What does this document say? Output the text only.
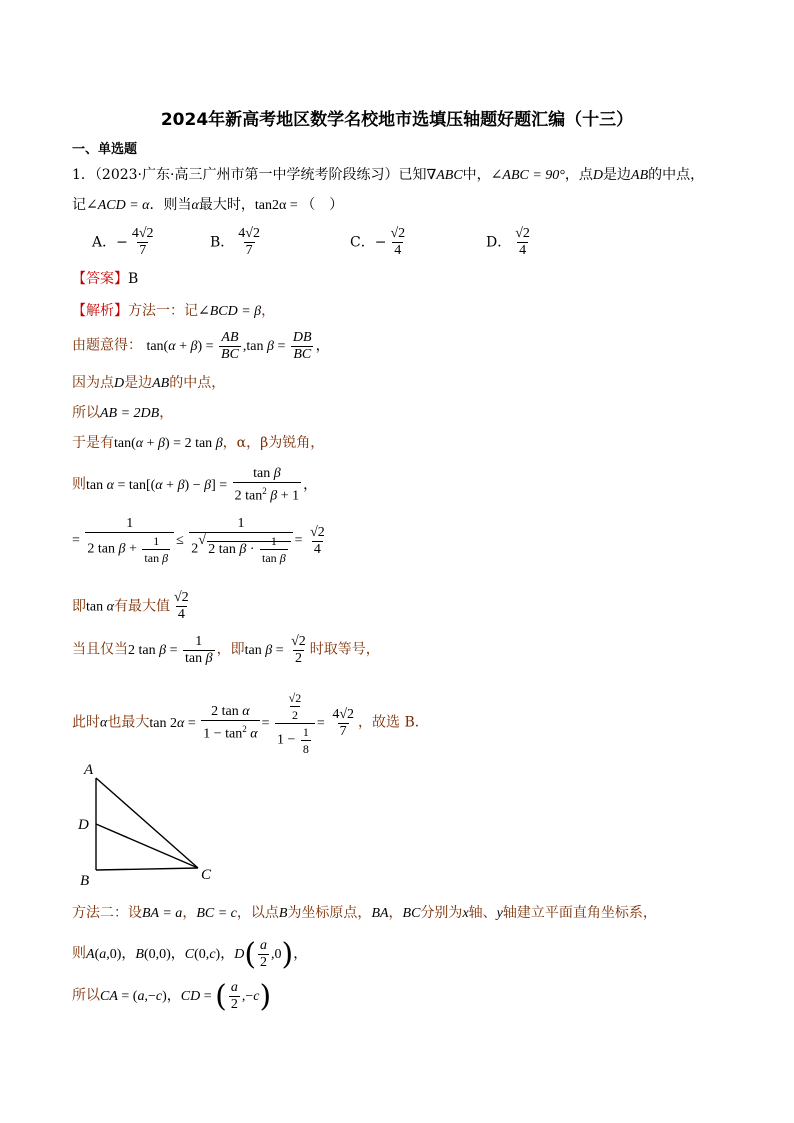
2024年新高考地区数学名校地市选填压轴题好题汇编（十三）
一、单选题
1．（2023·广东·高三广州市第一中学统考阶段练习）已知∇ABC中，∠ABC = 90°，点D是边AB的中点，
记∠ACD = α．则当α最大时，tan2α = （　）
A．− $\frac{4√2}{7}$	B． $\frac{4√2}{7}$	C．− $\frac{√2}{4}$	D． $\frac{√2}{4}$
【答案】B
【解析】方法一：记∠BCD = β，
由题意得： $\tan(\alpha + \beta) = \frac{AB}{BC} ,\tan$ $\beta = \frac{DB}{BC}$ ，
因为点D是边AB的中点，
所以AB = 2DB，
于是有tan(α + β) = 2 tan β，α，β为锐角，
则$\tan \alpha = \tan[(\alpha + \beta) - \beta] = \frac{\text{tan β}}{2 \tan^2 \beta + 1}$ ，
= $\frac{1}{2 \tan \beta + \frac{1}{\text{tan β}}} \le 1$
2
√
2 $\tan \beta \cdot \frac{1}{\text{tan β}} = \frac{√2}{4}$
即tan α有最大值 $\frac{√2}{4}$
当且仅当2 $\tan \beta = \frac{1}{\text{tan β}}$ ，即$\tan \beta = \frac{√2}{2}$ 时取等号，
此时α也最大$\tan 2\alpha = \frac{\text{2 tan α}}{1 - \tan^2 \alpha} = \frac{\frac{√2}{2}}{1 - \frac{1}{8}} = \frac{4√2}{7}$ ，故选 B．
A
D
B	C
方法二：设BA = a，BC = c，以点B为坐标原点，BA，BC分别为x轴、y轴建立平面直角坐标系，
则A(a,0)，B(0,0)，C(0,c)，$D( \frac{a}{2} ,0)$，
所以CA = (a,−c)，CD = ( $\frac{a}{2} ,-c$)
